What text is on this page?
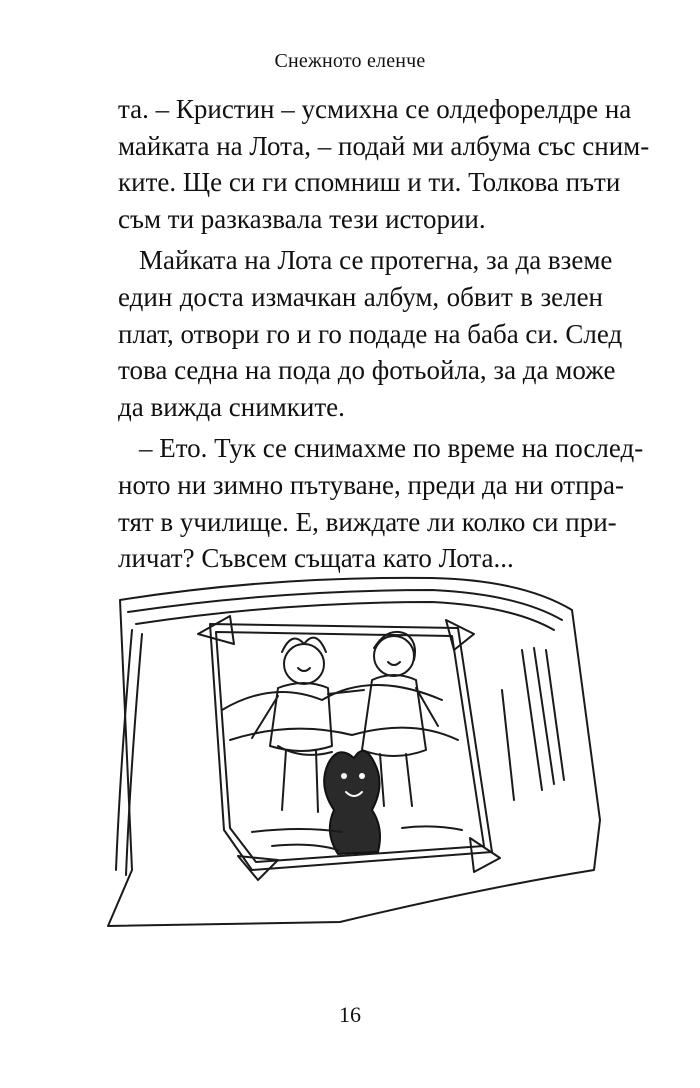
Снежното еленче
та. – Кристин – усмихна се олдефорелдре на
майката на Лота, – подай ми албума със сним-
ките. Ще си ги спомниш и ти. Толкова пъти
съм ти разказвала тези истории.
Майката на Лота се протегна, за да вземе
един доста измачкан албум, обвит в зелен
плат, отвори го и го подаде на баба си. След
това седна на пода до фотьойла, за да може
да вижда снимките.
– Ето. Тук се снимахме по време на послед-
ното ни зимно пътуване, преди да ни отпра-
тят в училище. Е, виждате ли колко си при-
личат? Съвсем същата като Лота...
16
